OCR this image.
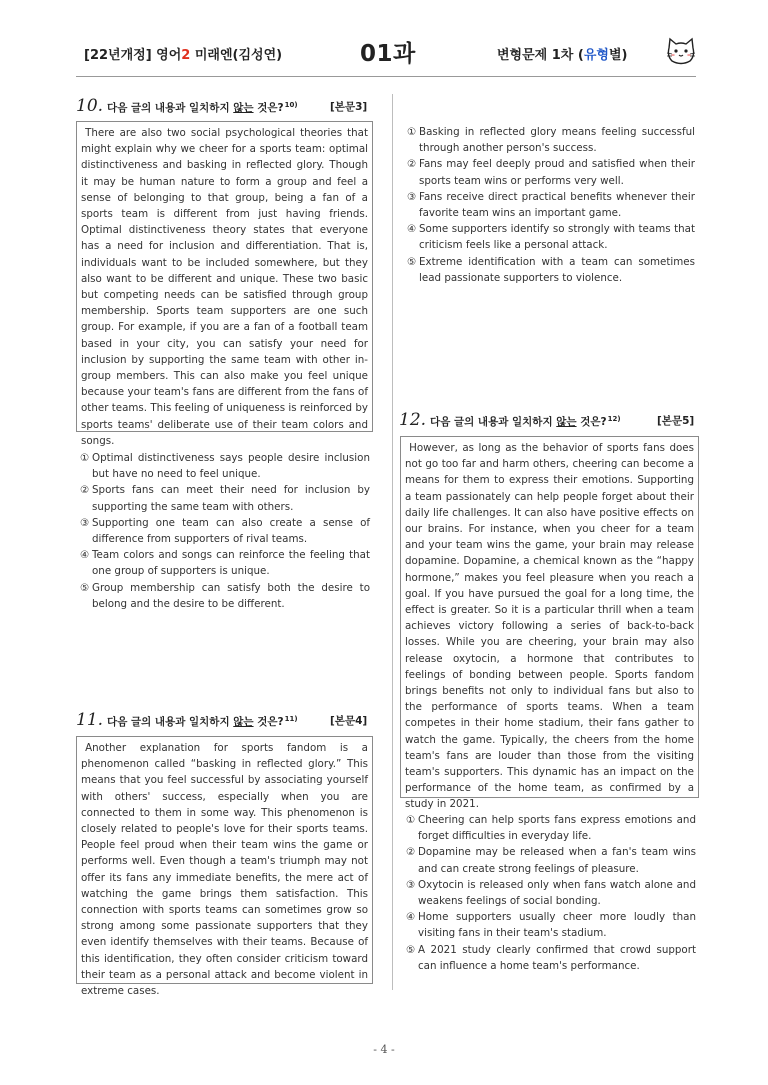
[22년개정] 영어2 미래엔(김성연)	01과	변형문제 1차 (유형별)
10. 다음 글의 내용과 일치하지 않는 것은?$^{10)}$	[본문3]
There are also two social psychological theories that might explain why we cheer for a sports team: optimal distinctiveness and basking in reflected glory. Though it may be human nature to form a group and feel a sense of belonging to that group, being a fan of a sports team is different from just having friends. Optimal distinctiveness theory states that everyone has a need for inclusion and differentiation. That is, individuals want to be included somewhere, but they also want to be different and unique. These two basic but competing needs can be satisfied through group membership. Sports team supporters are one such group. For example, if you are a fan of a football team based in your city, you can satisfy your need for inclusion by supporting the same team with other in-group members. This can also make you feel unique because your team's fans are different from the fans of other teams. This feeling of uniqueness is reinforced by sports teams' deliberate use of their team colors and songs.
① Optimal distinctiveness says people desire inclusion but have no need to feel unique.
② Sports fans can meet their need for inclusion by supporting the same team with others.
③ Supporting one team can also create a sense of difference from supporters of rival teams.
④ Team colors and songs can reinforce the feeling that one group of supporters is unique.
⑤ Group membership can satisfy both the desire to belong and the desire to be different.
11. 다음 글의 내용과 일치하지 않는 것은?$^{11)}$	[본문4]
Another explanation for sports fandom is a phenomenon called “basking in reflected glory.” This means that you feel successful by associating yourself with others' success, especially when you are connected to them in some way. This phenomenon is closely related to people's love for their sports teams. People feel proud when their team wins the game or performs well. Even though a team's triumph may not offer its fans any immediate benefits, the mere act of watching the game brings them satisfaction. This connection with sports teams can sometimes grow so strong among some passionate supporters that they even identify themselves with their teams. Because of this identification, they often consider criticism toward their team as a personal attack and become violent in extreme cases.
① Basking in reflected glory means feeling successful through another person's success.
② Fans may feel deeply proud and satisfied when their sports team wins or performs very well.
③ Fans receive direct practical benefits whenever their favorite team wins an important game.
④ Some supporters identify so strongly with teams that criticism feels like a personal attack.
⑤ Extreme identification with a team can sometimes lead passionate supporters to violence.
12. 다음 글의 내용과 일치하지 않는 것은?$^{12)}$	[본문5]
However, as long as the behavior of sports fans does not go too far and harm others, cheering can become a means for them to express their emotions. Supporting a team passionately can help people forget about their daily life challenges. It can also have positive effects on our brains. For instance, when you cheer for a team and your team wins the game, your brain may release dopamine. Dopamine, a chemical known as the “happy hormone,” makes you feel pleasure when you reach a goal. If you have pursued the goal for a long time, the effect is greater. So it is a particular thrill when a team achieves victory following a series of back-to-back losses. While you are cheering, your brain may also release oxytocin, a hormone that contributes to feelings of bonding between people. Sports fandom brings benefits not only to individual fans but also to the performance of sports teams. When a team competes in their home stadium, their fans gather to watch the game. Typically, the cheers from the home team's fans are louder than those from the visiting team's supporters. This dynamic has an impact on the performance of the home team, as confirmed by a study in 2021.
① Cheering can help sports fans express emotions and forget difficulties in everyday life.
② Dopamine may be released when a fan's team wins and can create strong feelings of pleasure.
③ Oxytocin is released only when fans watch alone and weakens feelings of social bonding.
④ Home supporters usually cheer more loudly than visiting fans in their team's stadium.
⑤ A 2021 study clearly confirmed that crowd support can influence a home team's performance.
- 4 -
